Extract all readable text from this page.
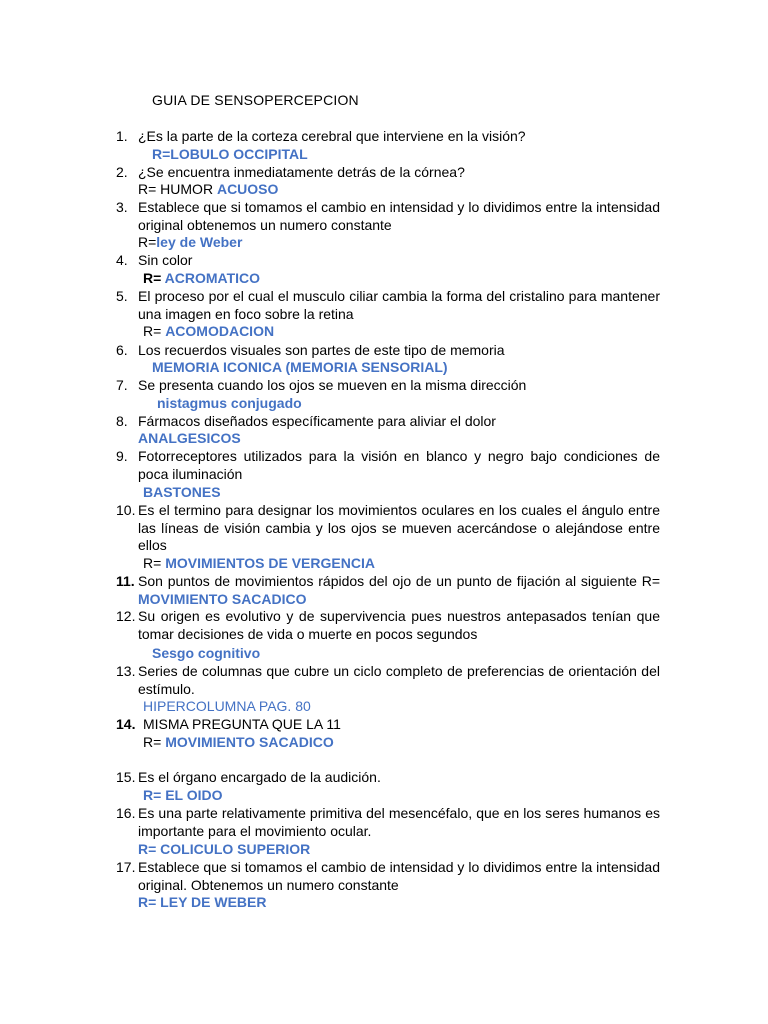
GUIA DE SENSOPERCEPCION
1. ¿Es la parte de la corteza cerebral que interviene en la visión?
R=LOBULO OCCIPITAL
2. ¿Se encuentra inmediatamente detrás de la córnea?
R= HUMOR ACUOSO
3. Establece que si tomamos el cambio en intensidad y lo dividimos entre la intensidad original obtenemos un numero constante
R=ley de Weber
4. Sin color
R= ACROMATICO
5. El proceso por el cual el musculo ciliar cambia la forma del cristalino para mantener una imagen en foco sobre la retina
R= ACOMODACION
6. Los recuerdos visuales son partes de este tipo de memoria
MEMORIA ICONICA (MEMORIA SENSORIAL)
7. Se presenta cuando los ojos se mueven en la misma dirección
nistagmus conjugado
8. Fármacos diseñados específicamente para aliviar el dolor
ANALGESICOS
9. Fotorreceptores utilizados para la visión en blanco y negro bajo condiciones de poca iluminación
BASTONES
10. Es el termino para designar los movimientos oculares en los cuales el ángulo entre las líneas de visión cambia y los ojos se mueven acercándose o alejándose entre ellos
R= MOVIMIENTOS DE VERGENCIA
11. Son puntos de movimientos rápidos del ojo de un punto de fijación al siguiente R= MOVIMIENTO SACADICO
12. Su origen es evolutivo y de supervivencia pues nuestros antepasados tenían que tomar decisiones de vida o muerte en pocos segundos
Sesgo cognitivo
13. Series de columnas que cubre un ciclo completo de preferencias de orientación del estímulo.
HIPERCOLUMNA PAG. 80
14. MISMA PREGUNTA QUE LA 11
R= MOVIMIENTO SACADICO
15. Es el órgano encargado de la audición.
R= EL OIDO
16. Es una parte relativamente primitiva del mesencéfalo, que en los seres humanos es importante para el movimiento ocular.
R= COLICULO SUPERIOR
17. Establece que si tomamos el cambio de intensidad y lo dividimos entre la intensidad original. Obtenemos un numero constante
R= LEY DE WEBER
